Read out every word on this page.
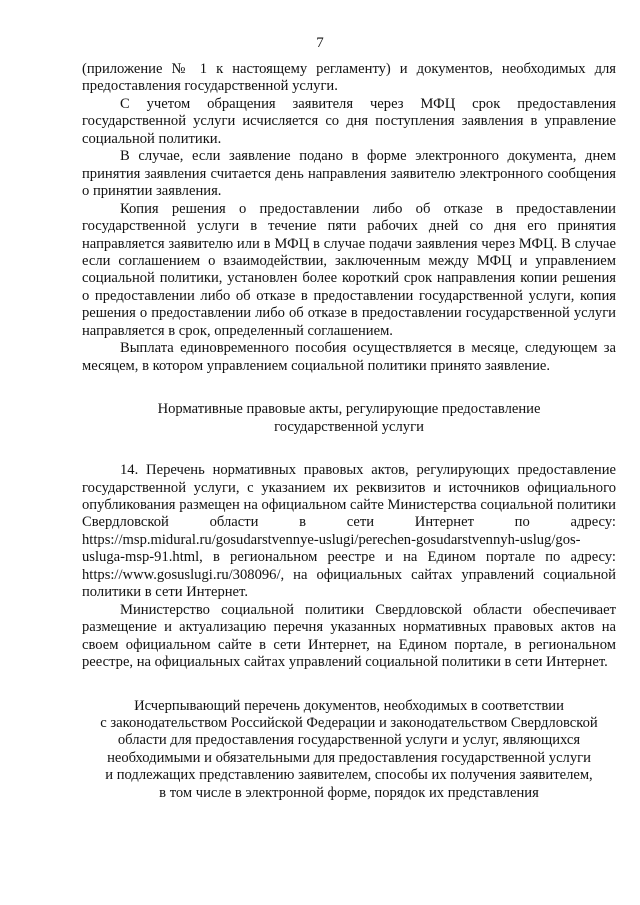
7

(приложение № 1 к настоящему регламенту) и документов, необходимых для предоставления государственной услуги.

С учетом обращения заявителя через МФЦ срок предоставления государственной услуги исчисляется со дня поступления заявления в управление социальной политики.

В случае, если заявление подано в форме электронного документа, днем принятия заявления считается день направления заявителю электронного сообщения о принятии заявления.

Копия решения о предоставлении либо об отказе в предоставлении государственной услуги в течение пяти рабочих дней со дня его принятия направляется заявителю или в МФЦ в случае подачи заявления через МФЦ. В случае если соглашением о взаимодействии, заключенным между МФЦ и управлением социальной политики, установлен более короткий срок направления копии решения о предоставлении либо об отказе в предоставлении государственной услуги, копия решения о предоставлении либо об отказе в предоставлении государственной услуги направляется в срок, определенный соглашением.

Выплата единовременного пособия осуществляется в месяце, следующем за месяцем, в котором управлением социальной политики принято заявление.

Нормативные правовые акты, регулирующие предоставление
государственной услуги

14. Перечень нормативных правовых актов, регулирующих предоставление государственной услуги, с указанием их реквизитов и источников официального опубликования размещен на официальном сайте Министерства социальной политики Свердловской области в сети Интернет по адресу: https://msp.midural.ru/gosudarstvennye-uslugi/perechen-gosudarstvennyh-uslug/gos-usluga-msp-91.html, в региональном реестре и на Едином портале по адресу: https://www.gosuslugi.ru/308096/, на официальных сайтах управлений социальной политики в сети Интернет.

Министерство социальной политики Свердловской области обеспечивает размещение и актуализацию перечня указанных нормативных правовых актов на своем официальном сайте в сети Интернет, на Едином портале, в региональном реестре, на официальных сайтах управлений социальной политики в сети Интернет.

Исчерпывающий перечень документов, необходимых в соответствии
с законодательством Российской Федерации и законодательством Свердловской
области для предоставления государственной услуги и услуг, являющихся
необходимыми и обязательными для предоставления государственной услуги
и подлежащих представлению заявителем, способы их получения заявителем,
в том числе в электронной форме, порядок их представления
